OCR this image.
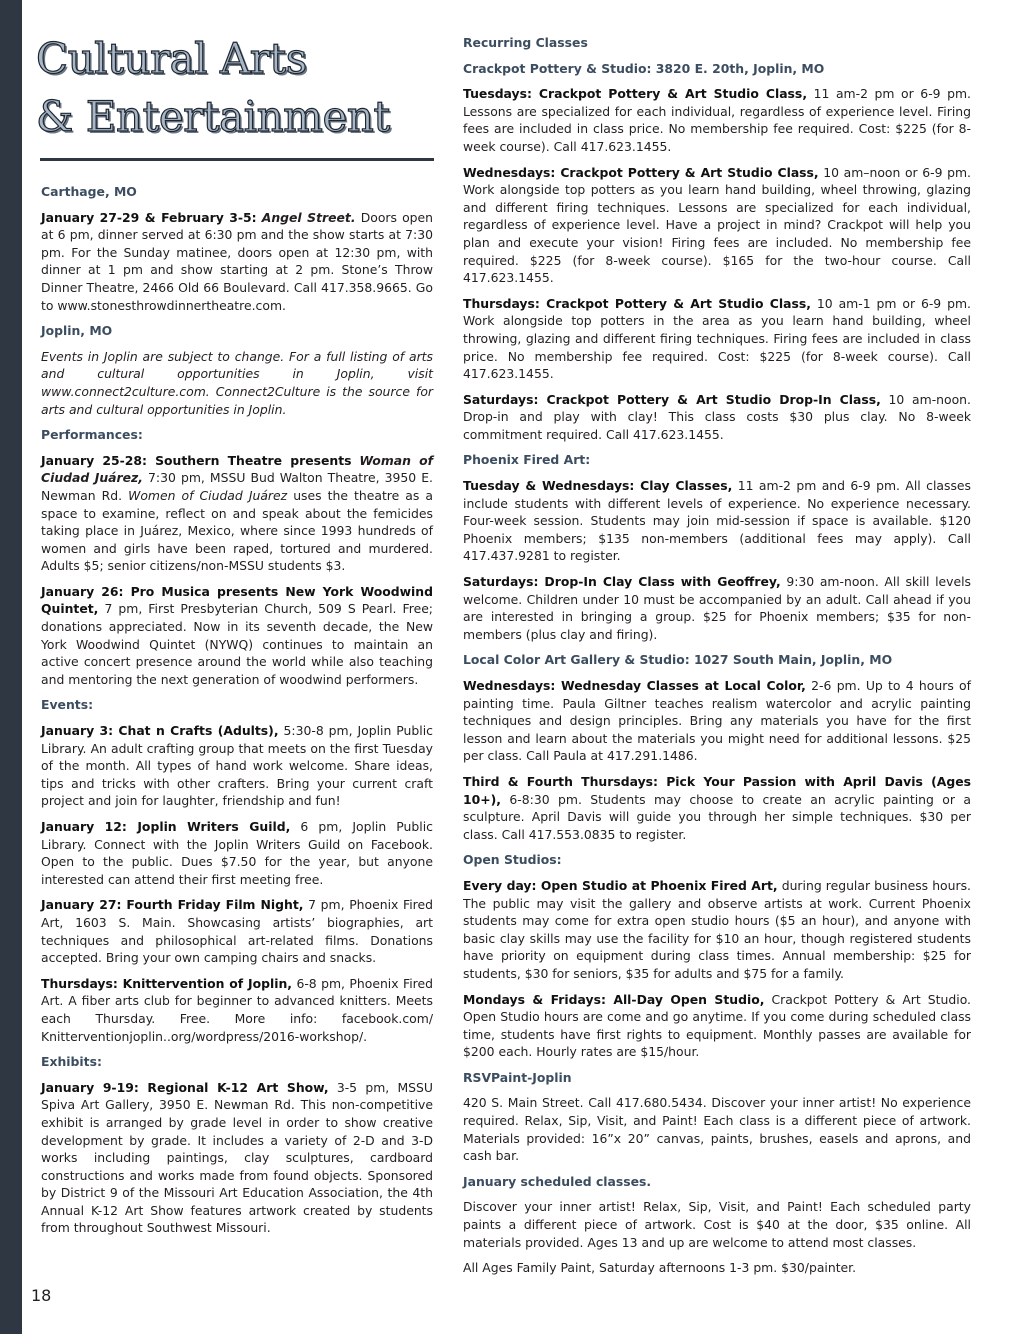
Cultural Arts
& Entertainment
Carthage, MO

January 27-29 & February 3-5: Angel Street. Doors open at 6 pm, dinner served at 6:30 pm and the show starts at 7:30 pm. For the Sunday matinee, doors open at 12:30 pm, with dinner at 1 pm and show starting at 2 pm. Stone’s Throw Dinner Theatre, 2466 Old 66 Boulevard. Call 417.358.9665. Go to www.stonesthrowdinnertheatre.com.

Joplin, MO

Events in Joplin are subject to change. For a full listing of arts and cultural opportunities in Joplin, visit www.connect2culture.com. Connect2Culture is the source for arts and cultural opportunities in Joplin.

Performances:

January 25-28: Southern Theatre presents Woman of Ciudad Juárez, 7:30 pm, MSSU Bud Walton Theatre, 3950 E. Newman Rd. Women of Ciudad Juárez uses the theatre as a space to examine, reflect on and speak about the femicides taking place in Juárez, Mexico, where since 1993 hundreds of women and girls have been raped, tortured and murdered. Adults $5; senior citizens/non-MSSU students $3.

January 26: Pro Musica presents New York Woodwind Quintet, 7 pm, First Presbyterian Church, 509 S Pearl. Free; donations appreciated. Now in its seventh decade, the New York Woodwind Quintet (NYWQ) continues to maintain an active concert presence around the world while also teaching and mentoring the next generation of woodwind performers.

Events:

January 3: Chat n Crafts (Adults), 5:30-8 pm, Joplin Public Library. An adult crafting group that meets on the first Tuesday of the month. All types of hand work welcome. Share ideas, tips and tricks with other crafters. Bring your current craft project and join for laughter, friendship and fun!

January 12: Joplin Writers Guild, 6 pm, Joplin Public Library. Connect with the Joplin Writers Guild on Facebook. Open to the public. Dues $7.50 for the year, but anyone interested can attend their first meeting free.

January 27: Fourth Friday Film Night, 7 pm, Phoenix Fired Art, 1603 S. Main. Showcasing artists’ biographies, art techniques and philosophical art-related films. Donations accepted. Bring your own camping chairs and snacks.

Thursdays: Knittervention of Joplin, 6-8 pm, Phoenix Fired Art. A fiber arts club for beginner to advanced knitters. Meets each Thursday. Free. More info: facebook.com/ Knitterventionjoplin..org/wordpress/2016-workshop/.

Exhibits:

January 9-19: Regional K-12 Art Show, 3-5 pm, MSSU Spiva Art Gallery, 3950 E. Newman Rd. This non-competitive exhibit is arranged by grade level in order to show creative development by grade. It includes a variety of 2-D and 3-D works including paintings, clay sculptures, cardboard constructions and works made from found objects. Sponsored by District 9 of the Missouri Art Education Association, the 4th Annual K-12 Art Show features artwork created by students from throughout Southwest Missouri.

Recurring Classes
Crackpot Pottery & Studio: 3820 E. 20th, Joplin, MO

Tuesdays: Crackpot Pottery & Art Studio Class, 11 am-2 pm or 6-9 pm. Lessons are specialized for each individual, regardless of experience level. Firing fees are included in class price. No membership fee required. Cost: $225 (for 8-week course). Call 417.623.1455.

Wednesdays: Crackpot Pottery & Art Studio Class, 10 am–noon or 6-9 pm. Work alongside top potters as you learn hand building, wheel throwing, glazing and different firing techniques. Lessons are specialized for each individual, regardless of experience level. Have a project in mind? Crackpot will help you plan and execute your vision! Firing fees are included. No membership fee required. $225 (for 8-week course). $165 for the two-hour course. Call 417.623.1455.

Thursdays: Crackpot Pottery & Art Studio Class, 10 am-1 pm or 6-9 pm. Work alongside top potters in the area as you learn hand building, wheel throwing, glazing and different firing techniques. Firing fees are included in class price. No membership fee required. Cost: $225 (for 8-week course). Call 417.623.1455.

Saturdays: Crackpot Pottery & Art Studio Drop-In Class, 10 am-noon. Drop-in and play with clay! This class costs $30 plus clay. No 8-week commitment required. Call 417.623.1455.

Phoenix Fired Art:

Tuesday & Wednesdays: Clay Classes, 11 am-2 pm and 6-9 pm. All classes include students with different levels of experience. No experience necessary. Four-week session. Students may join mid-session if space is available. $120 Phoenix members; $135 non-members (additional fees may apply). Call 417.437.9281 to register.

Saturdays: Drop-In Clay Class with Geoffrey, 9:30 am-noon. All skill levels welcome. Children under 10 must be accompanied by an adult. Call ahead if you are interested in bringing a group. $25 for Phoenix members; $35 for non-members (plus clay and firing).

Local Color Art Gallery & Studio: 1027 South Main, Joplin, MO

Wednesdays: Wednesday Classes at Local Color, 2-6 pm. Up to 4 hours of painting time. Paula Giltner teaches realism watercolor and acrylic painting techniques and design principles. Bring any materials you have for the first lesson and learn about the materials you might need for additional lessons. $25 per class. Call Paula at 417.291.1486.

Third & Fourth Thursdays: Pick Your Passion with April Davis (Ages 10+), 6-8:30 pm. Students may choose to create an acrylic painting or a sculpture. April Davis will guide you through her simple techniques. $30 per class. Call 417.553.0835 to register.

Open Studios:

Every day: Open Studio at Phoenix Fired Art, during regular business hours. The public may visit the gallery and observe artists at work. Current Phoenix students may come for extra open studio hours ($5 an hour), and anyone with basic clay skills may use the facility for $10 an hour, though registered students have priority on equipment during class times. Annual membership: $25 for students, $30 for seniors, $35 for adults and $75 for a family.

Mondays & Fridays: All-Day Open Studio, Crackpot Pottery & Art Studio. Open Studio hours are come and go anytime. If you come during scheduled class time, students have first rights to equipment. Monthly passes are available for $200 each. Hourly rates are $15/hour.

RSVPaint-Joplin

420 S. Main Street. Call 417.680.5434. Discover your inner artist! No experience required. Relax, Sip, Visit, and Paint! Each class is a different piece of artwork. Materials provided: 16”x 20” canvas, paints, brushes, easels and aprons, and cash bar.

January scheduled classes.

Discover your inner artist! Relax, Sip, Visit, and Paint! Each scheduled party paints a different piece of artwork. Cost is $40 at the door, $35 online. All materials provided. Ages 13 and up are welcome to attend most classes.

All Ages Family Paint, Saturday afternoons 1-3 pm. $30/painter.

18
